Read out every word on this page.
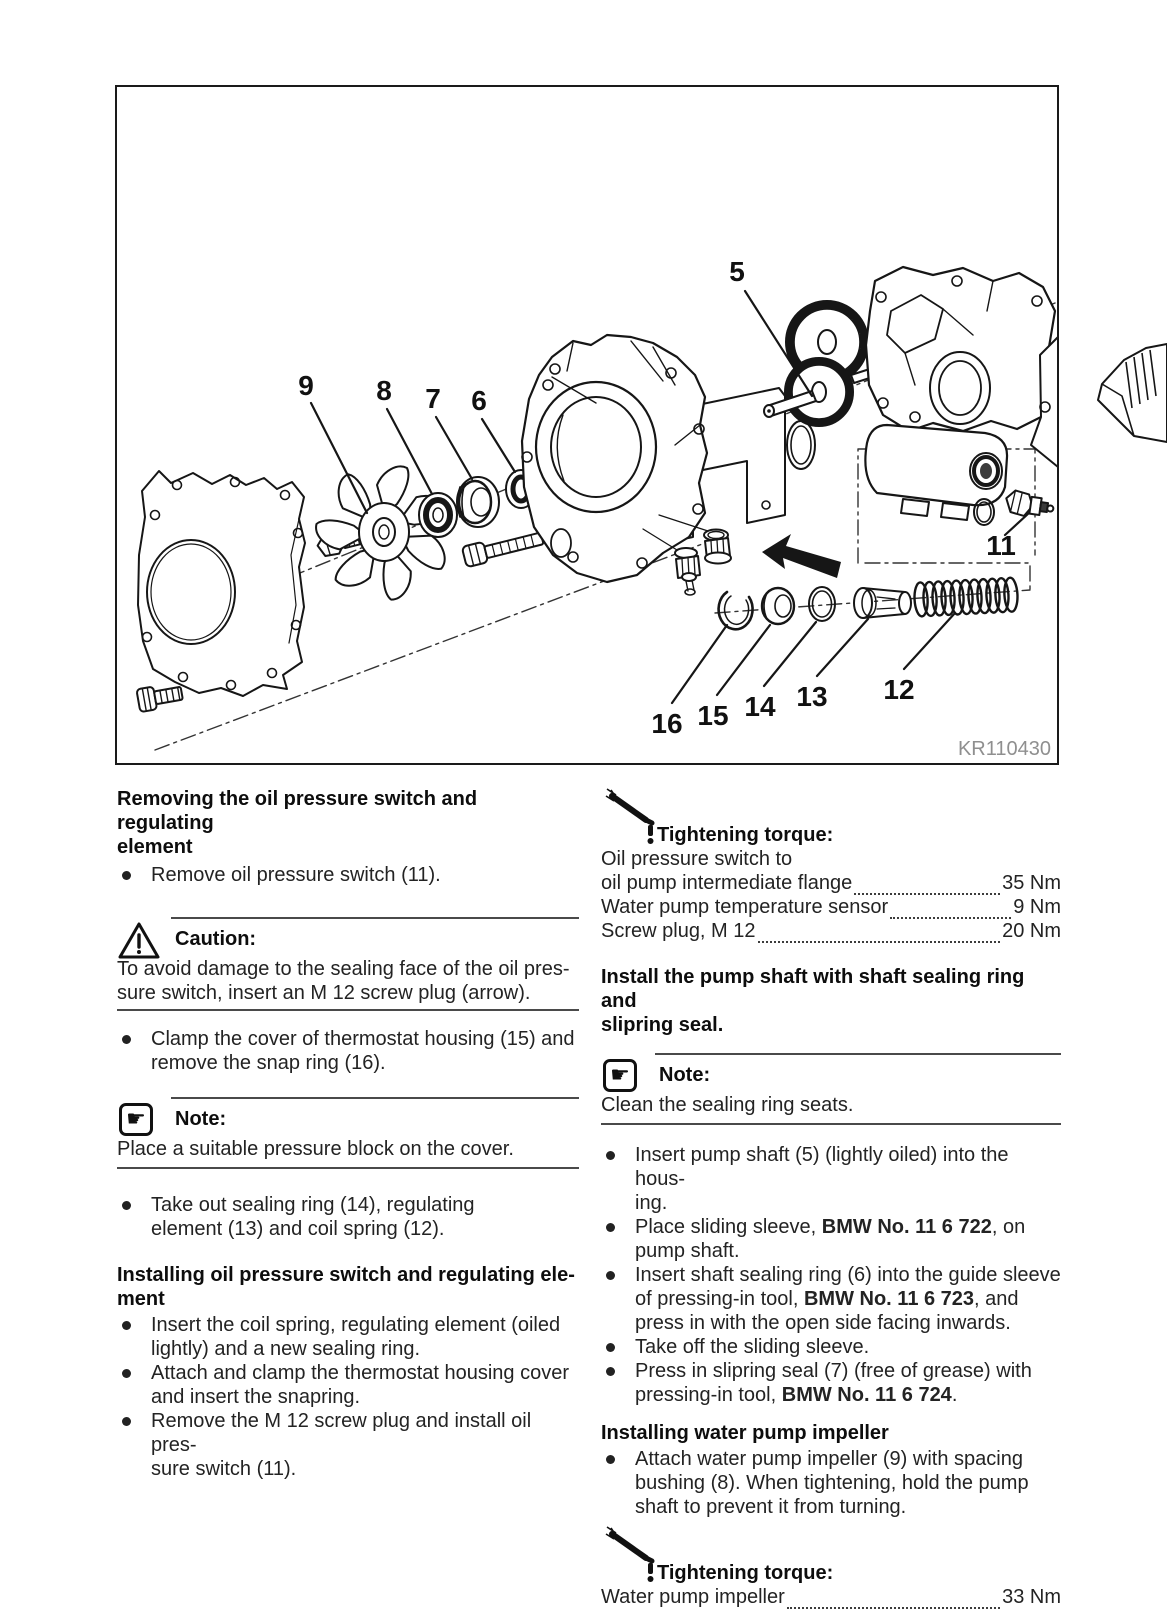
5
9 8 7 6
11
16 15 14 13 12
KR110430
Removing the oil pressure switch and regulating
element
Remove oil pressure switch (11).
Caution:
To avoid damage to the sealing face of the oil pres-
sure switch, insert an M 12 screw plug (arrow).
Clamp the cover of thermostat housing (15) and
remove the snap ring (16).
☛	Note:
Place a suitable pressure block on the cover.
Take out sealing ring (14), regulating
element (13) and coil spring (12).
Installing oil pressure switch and regulating ele-
ment
Insert the coil spring, regulating element (oiled
lightly) and a new sealing ring.
Attach and clamp the thermostat housing cover
and insert the snapring.
Remove the M 12 screw plug and install oil pres-
sure switch (11).
Tightening torque:
Oil pressure switch to
oil pump intermediate flange	35 Nm
Water pump temperature sensor	9 Nm
Screw plug, M 12	20 Nm
Install the pump shaft with shaft sealing ring and
slipring seal.
☛	Note:
Clean the sealing ring seats.
Insert pump shaft (5) (lightly oiled) into the hous-
ing.
Place sliding sleeve, BMW No. 11 6 722, on
pump shaft.
Insert shaft sealing ring (6) into the guide sleeve
of pressing-in tool, BMW No. 11 6 723, and
press in with the open side facing inwards.
Take off the sliding sleeve.
Press in slipring seal (7) (free of grease) with
pressing-in tool, BMW No. 11 6 724.
Installing water pump impeller
Attach water pump impeller (9) with spacing
bushing (8). When tightening, hold the pump
shaft to prevent it from turning.
Tightening torque:
Water pump impeller	33 Nm
